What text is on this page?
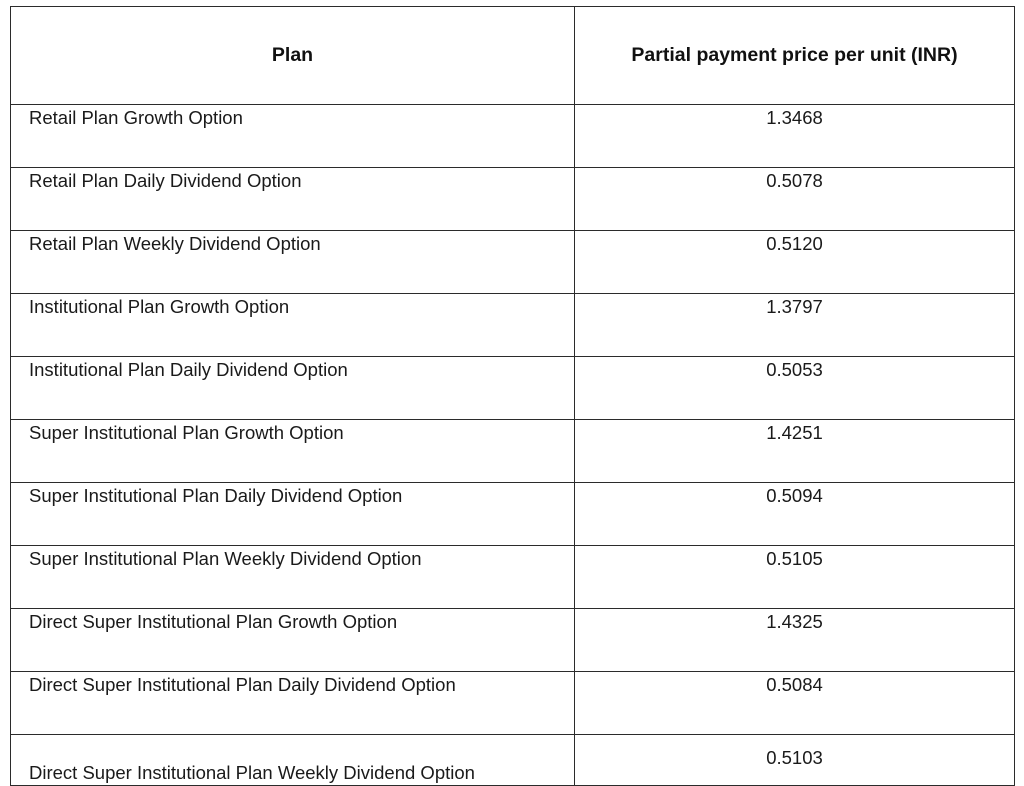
Plan	Partial payment price per unit (INR)
Retail Plan Growth Option	1.3468
Retail Plan Daily Dividend Option	0.5078
Retail Plan Weekly Dividend Option	0.5120
Institutional Plan Growth Option	1.3797
Institutional Plan Daily Dividend Option	0.5053
Super Institutional Plan Growth Option	1.4251
Super Institutional Plan Daily Dividend Option	0.5094
Super Institutional Plan Weekly Dividend Option	0.5105
Direct Super Institutional Plan Growth Option	1.4325
Direct Super Institutional Plan Daily Dividend Option	0.5084
Direct Super Institutional Plan Weekly Dividend Option	0.5103
